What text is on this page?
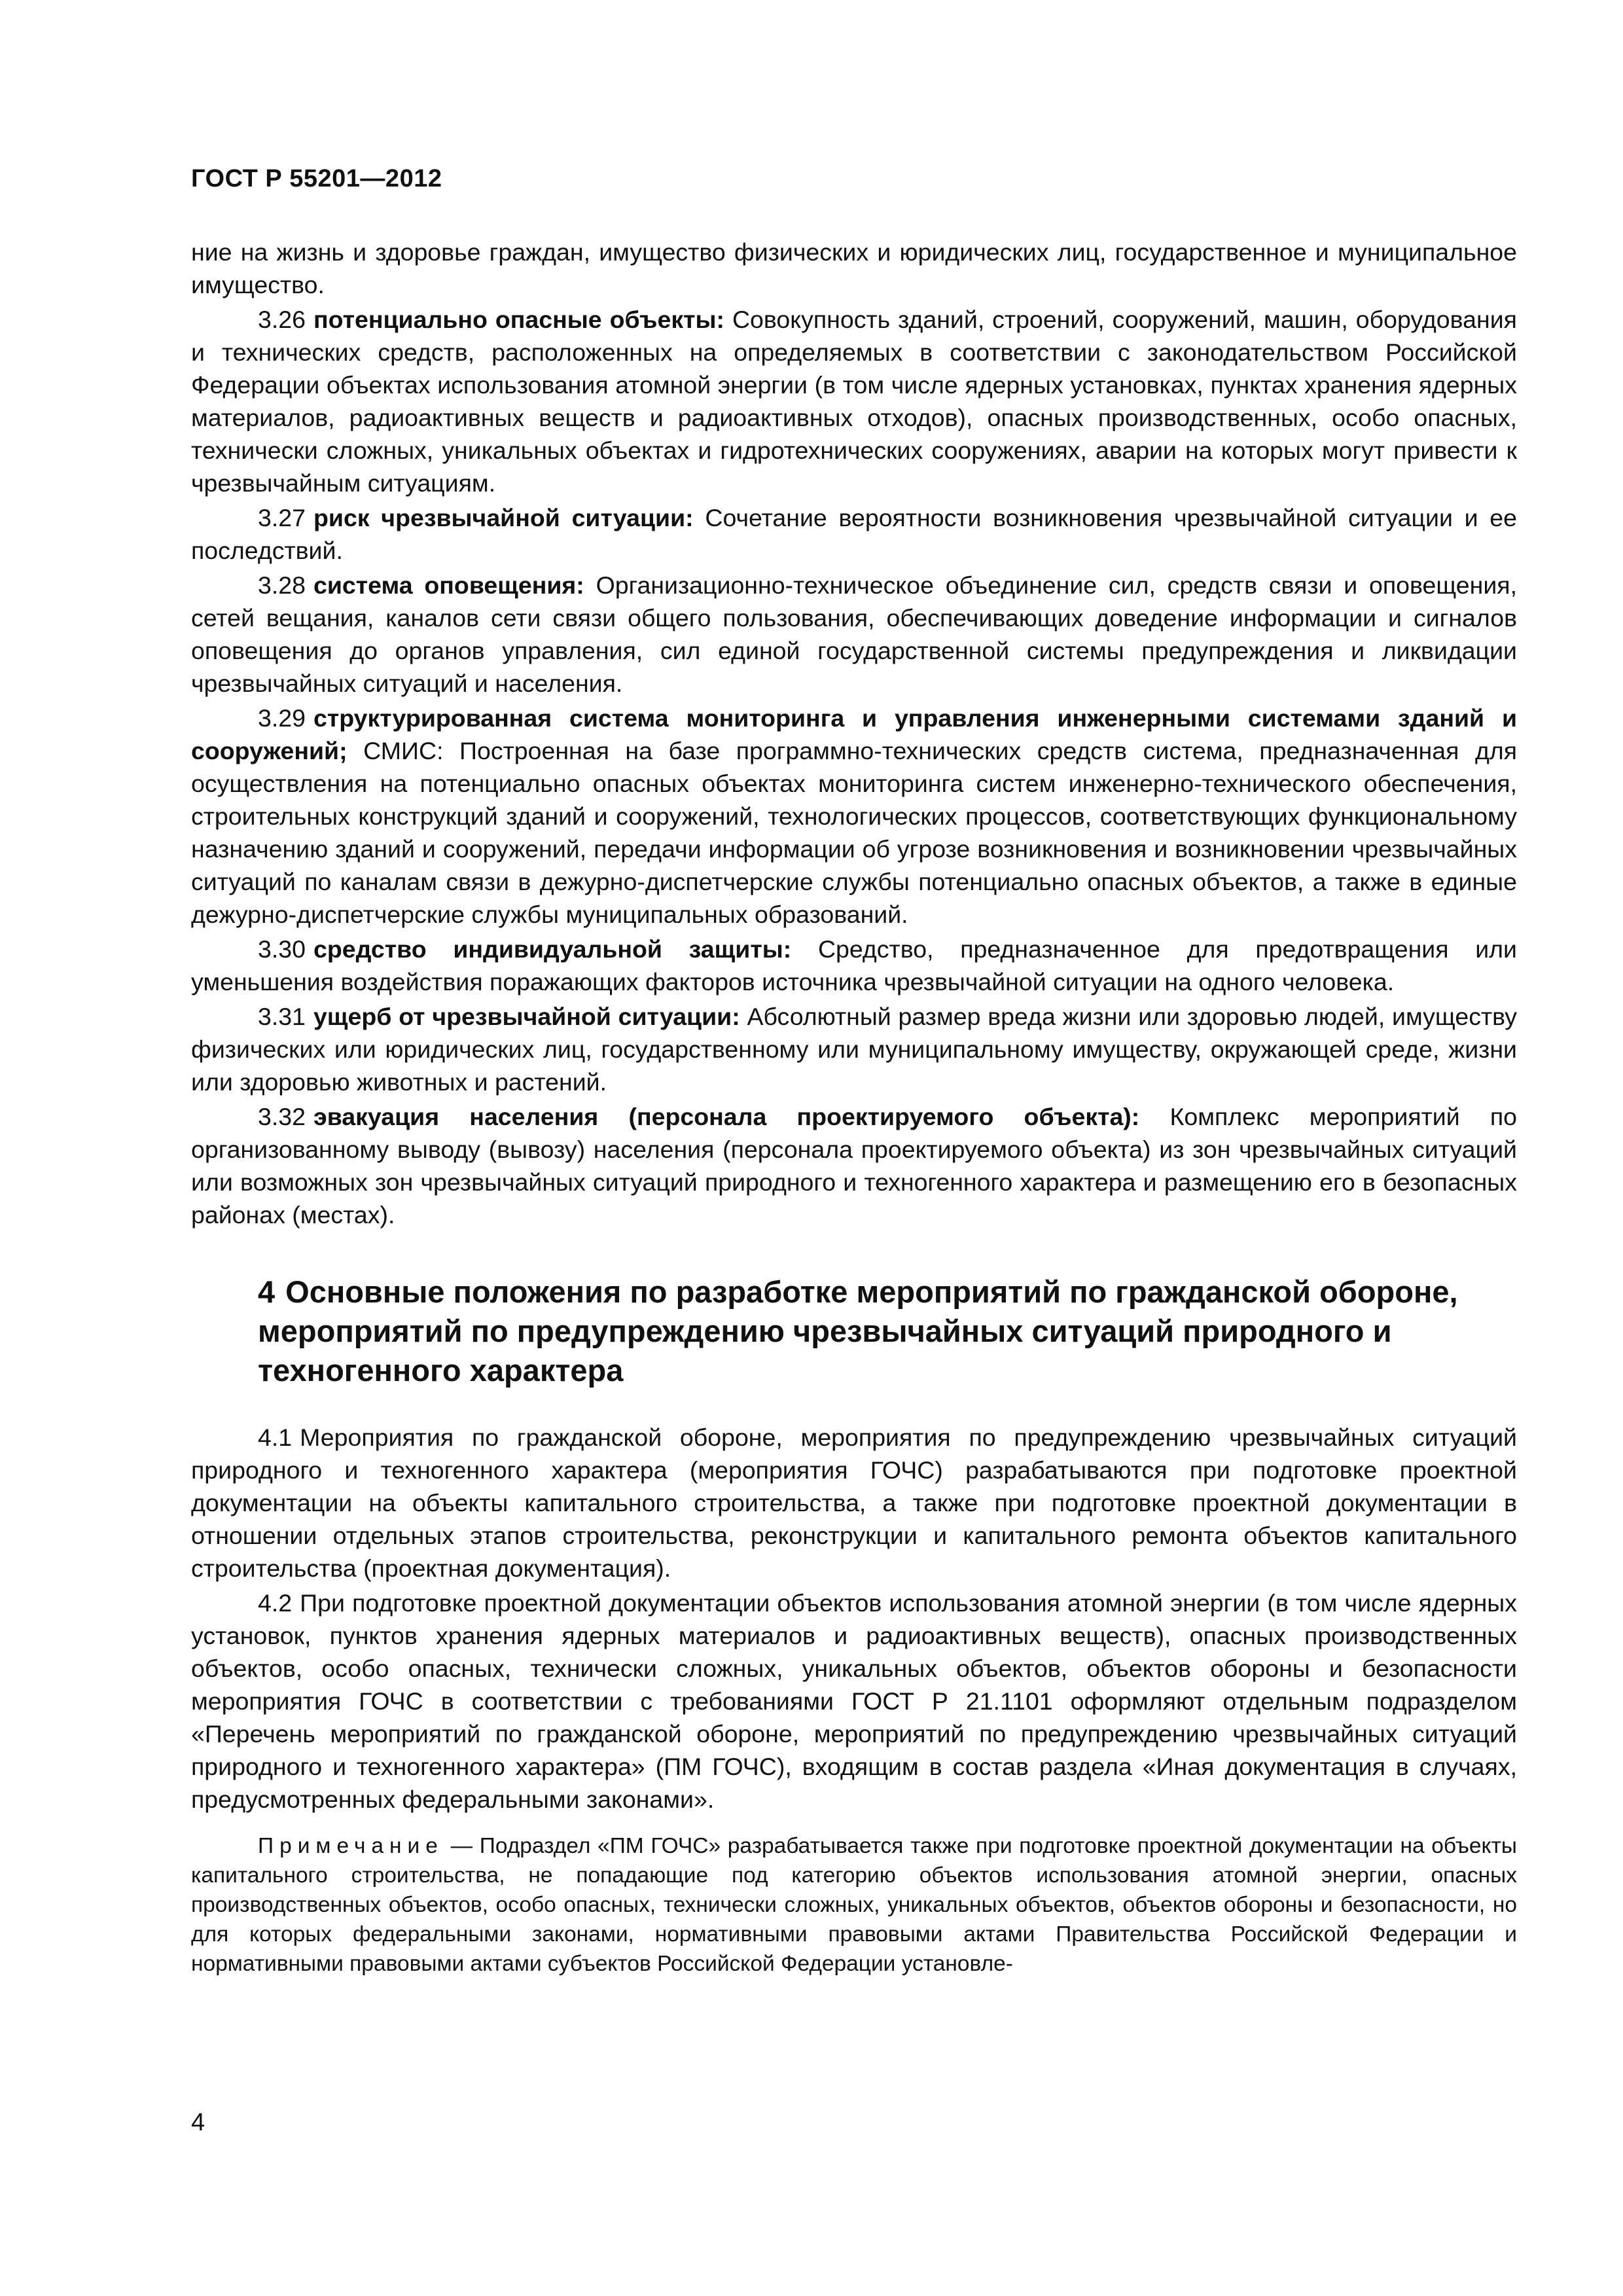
ГОСТ Р 55201—2012

ние на жизнь и здоровье граждан, имущество физических и юридических лиц, государственное и муниципальное имущество.

3.26 потенциально опасные объекты: Совокупность зданий, строений, сооружений, машин, оборудования и технических средств, расположенных на определяемых в соответствии с законодательством Российской Федерации объектах использования атомной энергии (в том числе ядерных установках, пунктах хранения ядерных материалов, радиоактивных веществ и радиоактивных отходов), опасных производственных, особо опасных, технически сложных, уникальных объектах и гидротехнических сооружениях, аварии на которых могут привести к чрезвычайным ситуациям.

3.27 риск чрезвычайной ситуации: Сочетание вероятности возникновения чрезвычайной ситуации и ее последствий.

3.28 система оповещения: Организационно-техническое объединение сил, средств связи и оповещения, сетей вещания, каналов сети связи общего пользования, обеспечивающих доведение информации и сигналов оповещения до органов управления, сил единой государственной системы предупреждения и ликвидации чрезвычайных ситуаций и населения.

3.29 структурированная система мониторинга и управления инженерными системами зданий и сооружений; СМИС: Построенная на базе программно-технических средств система, предназначенная для осуществления на потенциально опасных объектах мониторинга систем инженерно-технического обеспечения, строительных конструкций зданий и сооружений, технологических процессов, соответствующих функциональному назначению зданий и сооружений, передачи информации об угрозе возникновения и возникновении чрезвычайных ситуаций по каналам связи в дежурно-диспетчерские службы потенциально опасных объектов, а также в единые дежурно-диспетчерские службы муниципальных образований.

3.30 средство индивидуальной защиты: Средство, предназначенное для предотвращения или уменьшения воздействия поражающих факторов источника чрезвычайной ситуации на одного человека.

3.31 ущерб от чрезвычайной ситуации: Абсолютный размер вреда жизни или здоровью людей, имуществу физических или юридических лиц, государственному или муниципальному имуществу, окружающей среде, жизни или здоровью животных и растений.

3.32 эвакуация населения (персонала проектируемого объекта): Комплекс мероприятий по организованному выводу (вывозу) населения (персонала проектируемого объекта) из зон чрезвычайных ситуаций или возможных зон чрезвычайных ситуаций природного и техногенного характера и размещению его в безопасных районах (местах).

4 Основные положения по разработке мероприятий по гражданской обороне, мероприятий по предупреждению чрезвычайных ситуаций природного и техногенного характера

4.1 Мероприятия по гражданской обороне, мероприятия по предупреждению чрезвычайных ситуаций природного и техногенного характера (мероприятия ГОЧС) разрабатываются при подготовке проектной документации на объекты капитального строительства, а также при подготовке проектной документации в отношении отдельных этапов строительства, реконструкции и капитального ремонта объектов капитального строительства (проектная документация).

4.2 При подготовке проектной документации объектов использования атомной энергии (в том числе ядерных установок, пунктов хранения ядерных материалов и радиоактивных веществ), опасных производственных объектов, особо опасных, технически сложных, уникальных объектов, объектов обороны и безопасности мероприятия ГОЧС в соответствии с требованиями ГОСТ Р 21.1101 оформляют отдельным подразделом «Перечень мероприятий по гражданской обороне, мероприятий по предупреждению чрезвычайных ситуаций природного и техногенного характера» (ПМ ГОЧС), входящим в состав раздела «Иная документация в случаях, предусмотренных федеральными законами».

Примечание — Подраздел «ПМ ГОЧС» разрабатывается также при подготовке проектной документации на объекты капитального строительства, не попадающие под категорию объектов использования атомной энергии, опасных производственных объектов, особо опасных, технически сложных, уникальных объектов, объектов обороны и безопасности, но для которых федеральными законами, нормативными правовыми актами Правительства Российской Федерации и нормативными правовыми актами субъектов Российской Федерации установле-

4
